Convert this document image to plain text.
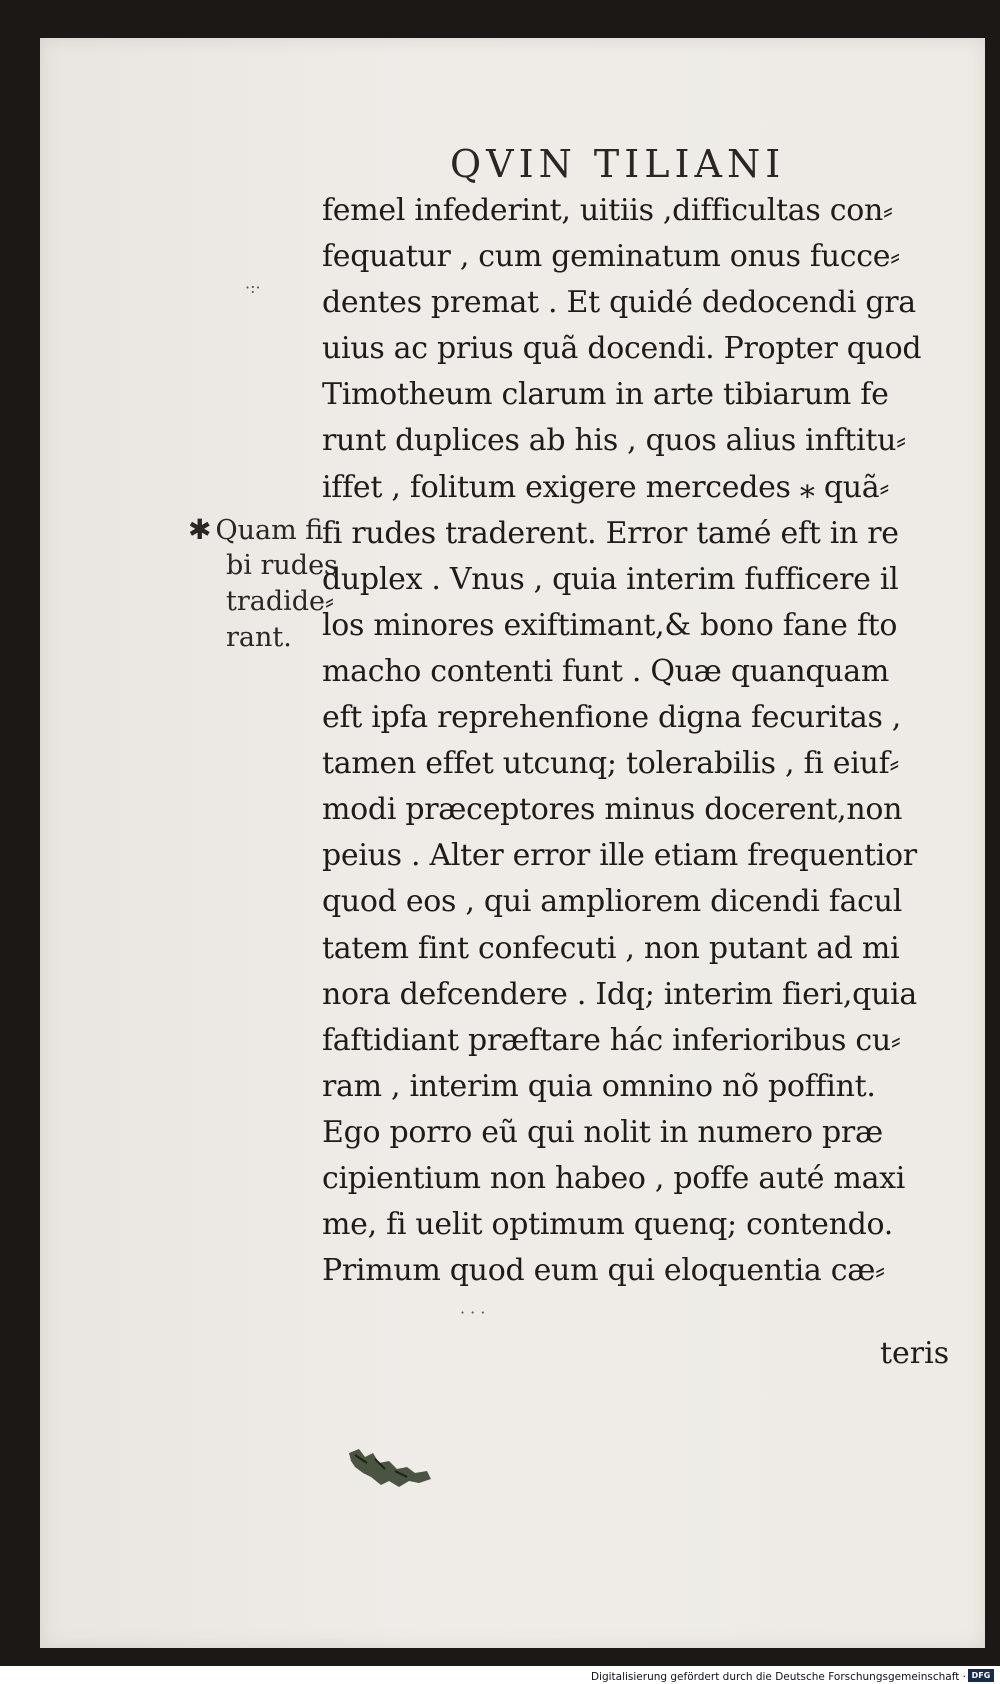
QVIN TILIANI
✱ Quam fi
bi rudes
tradide⸗
rant.
femel infederint, uitiis ,difficultas con⸗
fequatur , cum geminatum onus fucce⸗
dentes premat . Et quidé dedocendi gra
uius ac prius quã docendi. Propter quod
Timotheum clarum in arte tibiarum fe
runt duplices ab his , quos alius inftitu⸗
iffet , folitum exigere mercedes ⁎ quã⸗
fi rudes traderent. Error tamé eft in re
duplex . Vnus , quia interim fufficere il
los minores exiftimant,& bono fane fto
macho contenti funt . Quæ quanquam
eft ipfa reprehenfione digna fecuritas ,
tamen effet utcunq; tolerabilis , fi eiuf⸗
modi præceptores minus docerent,non
peius . Alter error ille etiam frequentior
quod eos , qui ampliorem dicendi facul
tatem fint confecuti , non putant ad mi
nora defcendere . Idq; interim fieri,quia
faftidiant præftare hác inferioribus cu⸗
ram , interim quia omnino nõ poffint.
Ego porro eũ qui nolit in numero præ
cipientium non habeo , poffe auté maxi
me, fi uelit optimum quenq; contendo.
Primum quod eum qui eloquentia cæ⸗
teris
·:·
· · ·
Digitalisierung gefördert durch die Deutsche Forschungsgemeinschaft · DFG
